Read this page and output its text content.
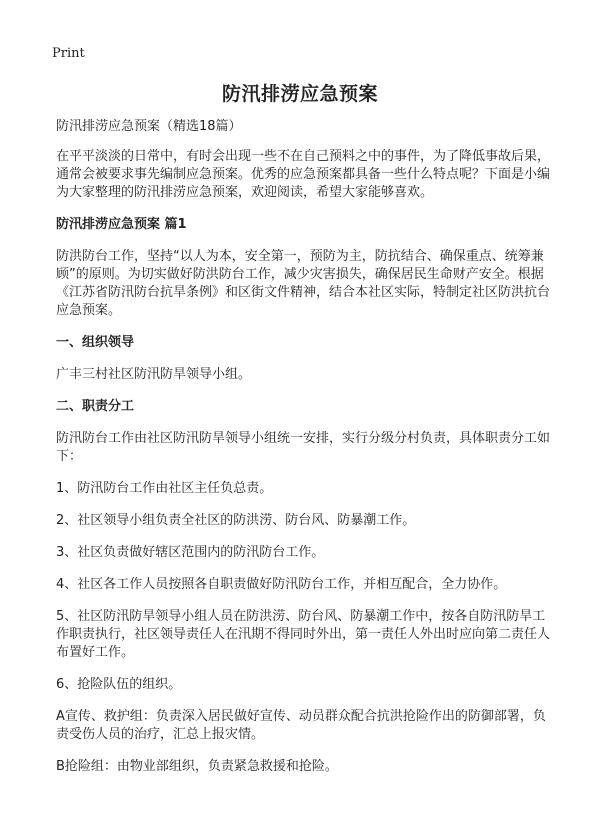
Print
防汛排涝应急预案

防汛排涝应急预案（精选18篇）

在平平淡淡的日常中，有时会出现一些不在自己预料之中的事件，为了降低事故后果，通常会被要求事先编制应急预案。优秀的应急预案都具备一些什么特点呢？下面是小编为大家整理的防汛排涝应急预案，欢迎阅读，希望大家能够喜欢。

防汛排涝应急预案 篇1

防洪防台工作，坚持“以人为本，安全第一，预防为主，防抗结合、确保重点、统筹兼顾”的原则。为切实做好防洪防台工作，减少灾害损失，确保居民生命财产安全。根据《江苏省防汛防台抗旱条例》和区街文件精神，结合本社区实际，特制定社区防洪抗台应急预案。

一、组织领导

广丰三村社区防汛防旱领导小组。

二、职责分工

防汛防台工作由社区防汛防旱领导小组统一安排，实行分级分村负责，具体职责分工如下：

1、防汛防台工作由社区主任负总责。

2、社区领导小组负责全社区的防洪涝、防台风、防暴潮工作。

3、社区负责做好辖区范围内的防汛防台工作。

4、社区各工作人员按照各自职责做好防汛防台工作，并相互配合，全力协作。

5、社区防汛防旱领导小组人员在防洪涝、防台风、防暴潮工作中，按各自防汛防旱工作职责执行，社区领导责任人在汛期不得同时外出，第一责任人外出时应向第二责任人布置好工作。

6、抢险队伍的组织。

A宣传、救护组：负责深入居民做好宣传、动员群众配合抗洪抢险作出的防御部署，负责受伤人员的治疗，汇总上报灾情。

B抢险组：由物业部组织，负责紧急救援和抢险。
